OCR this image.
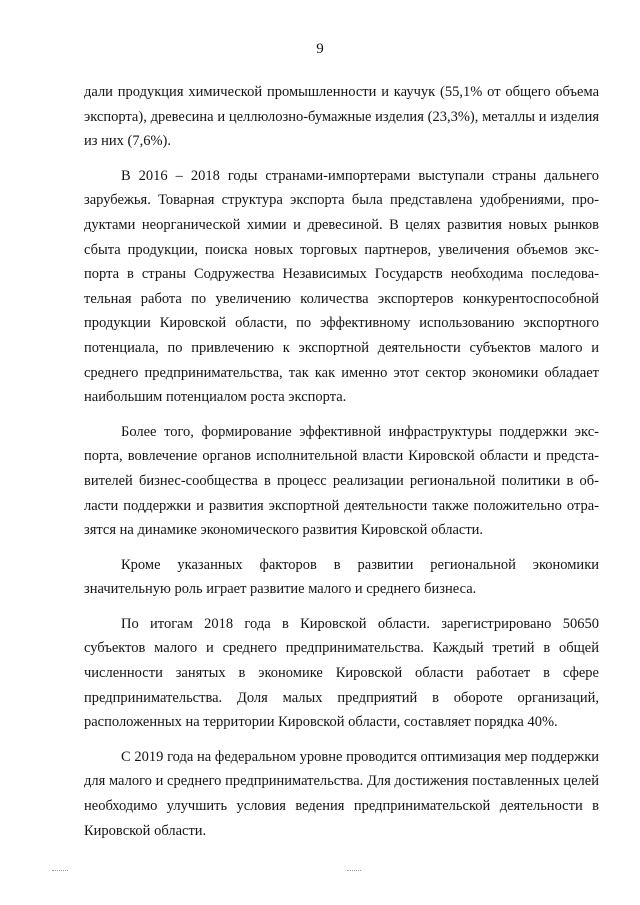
9

дали продукция химической промышленности и каучук (55,1% от общего объема экспорта), древесина и целлюлозно-бумажные изделия (23,3%), металлы и изделия из них (7,6%).

В 2016 – 2018 годы странами-импортерами выступали страны дальнего зарубежья. Товарная структура экспорта была представлена удобрениями, продуктами неорганической химии и древесиной. В целях развития новых рынков сбыта продукции, поиска новых торговых партнеров, увеличения объемов экспорта в страны Содружества Независимых Государств необходима последовательная работа по увеличению количества экспортеров конкурентоспособной продукции Кировской области, по эффективному использованию экспортного потенциала, по привлечению к экспортной деятельности субъектов малого и среднего предпринимательства, так как именно этот сектор экономики обладает наибольшим потенциалом роста экспорта.

Более того, формирование эффективной инфраструктуры поддержки экспорта, вовлечение органов исполнительной власти Кировской области и представителей бизнес-сообщества в процесс реализации региональной политики в области поддержки и развития экспортной деятельности также положительно отразятся на динамике экономического развития Кировской области.

Кроме указанных факторов в развитии региональной экономики значительную роль играет развитие малого и среднего бизнеса.

По итогам 2018 года в Кировской области. зарегистрировано 50650 субъектов малого и среднего предпринимательства. Каждый третий в общей численности занятых в экономике Кировской области работает в сфере предпринимательства. Доля малых предприятий в обороте организаций, расположенных на территории Кировской области, составляет порядка 40%.

С 2019 года на федеральном уровне проводится оптимизация мер поддержки для малого и среднего предпринимательства. Для достижения поставленных целей необходимо улучшить условия ведения предпринимательской деятельности в Кировской области.
